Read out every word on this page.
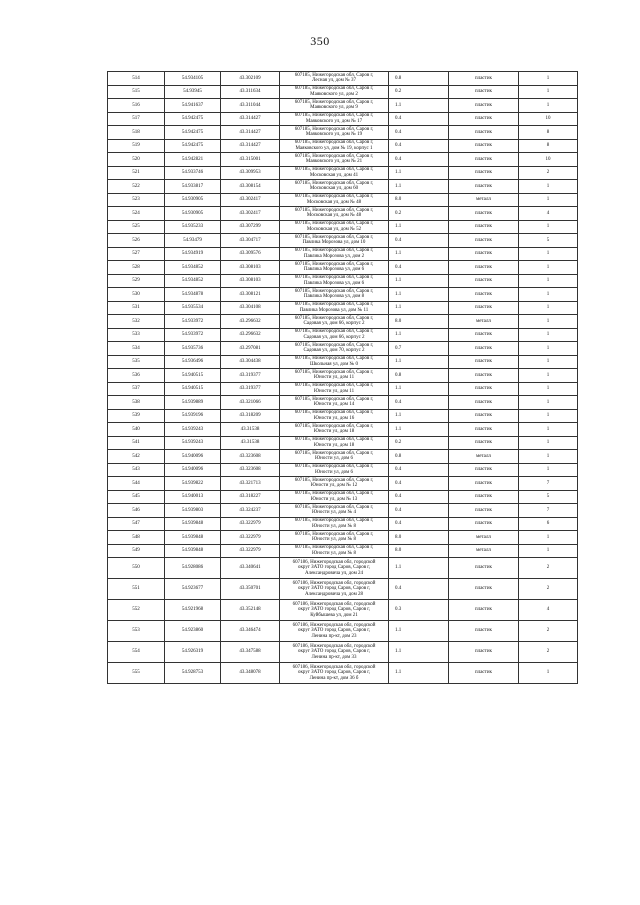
350
514	54.934105	43.302109	607185, Нижегородская обл, Саров г,
Лесная ул, дом № 37	0.8	пластик	1
515	54.93945	43.311634	607185, Нижегородская обл, Саров г,
Маяковского ул, дом 2	0.2	пластик	1
516	54.941637	43.311044	607185, Нижегородская обл, Саров г,
Маяковского ул, дом 9	1.1	пластик	1
517	54.942475	43.314427	607185, Нижегородская обл, Саров г,
Маяковского ул, дом № 17	0.4	пластик	10
518	54.942475	43.314427	607185, Нижегородская обл, Саров г,
Маяковского ул, дом № 19	0.4	пластик	8
519	54.942475	43.314427	607185, Нижегородская обл, Саров г,
Маяковского ул, дом № 19, корпус 1	0.4	пластик	8
520	54.942821	43.315001	607185, Нижегородская обл, Саров г,
Маяковского ул, дом № 21	0.4	пластик	10
521	54.933746	43.309953	607185, Нижегородская обл, Саров г,
Московская ул, дом 41	1.1	пластик	2
522	54.933817	43.308154	607185, Нижегородская обл, Саров г,
Московская ул, дом 60	1.1	пластик	1
523	54.930905	43.302417	607185, Нижегородская обл, Саров г,
Московская ул, дом № 48	8.0	металл	1
524	54.930905	43.302417	607185, Нижегородская обл, Саров г,
Московская ул, дом № 48	0.2	пластик	4
525	54.935233	43.307299	607185, Нижегородская обл, Саров г,
Московская ул, дом № 52	1.1	пластик	1
526	54.93479	43.304717	607185, Нижегородская обл, Саров г,
Павлика Морозова ул, дом 10	0.4	пластик	5
527	54.934919	43.309576	607185, Нижегородская обл, Саров г,
Павлика Морозова ул, дом 2	1.1	пластик	1
528	54.934852	43.308103	607185, Нижегородская обл, Саров г,
Павлика Морозова ул, дом 6	0.4	пластик	1
529	54.934852	43.308103	607185, Нижегородская обл, Саров г,
Павлика Морозова ул, дом 6	1.1	пластик	1
530	54.934878	43.308121	607185, Нижегородская обл, Саров г,
Павлика Морозова ул, дом 8	1.1	пластик	1
531	54.935534	43.304108	607185, Нижегородская обл, Саров г,
Павлика Морозова ул, дом № 11	1.1	пластик	1
532	54.933972	43.296632	607185, Нижегородская обл, Саров г,
Садовая ул, дом 66, корпус 2	8.0	металл	1
533	54.933972	43.296632	607185, Нижегородская обл, Саров г,
Садовая ул, дом 66, корпус 2	1.1	пластик	1
534	54.935736	43.297081	607185, Нижегородская обл, Саров г,
Садовая ул, дом 70, корпус 2	0.7	пластик	1
535	54.936496	43.304438	607185, Нижегородская обл, Саров г,
Школьная ул, дом № 0	1.1	пластик	1
536	54.940515	43.319377	607185, Нижегородская обл, Саров г,
Юности ул, дом 11	0.8	пластик	1
537	54.940515	43.319377	607185, Нижегородская обл, Саров г,
Юности ул, дом 11	1.1	пластик	1
538	54.939889	43.321066	607185, Нижегородская обл, Саров г,
Юности ул, дом 14	0.4	пластик	1
539	54.939196	43.318209	607185, Нижегородская обл, Саров г,
Юности ул, дом 16	1.1	пластик	1
540	54.939243	43.31538	607185, Нижегородская обл, Саров г,
Юности ул, дом 18	1.1	пластик	1
541	54.939243	43.31538	607185, Нижегородская обл, Саров г,
Юности ул, дом 18	0.2	пластик	1
542	54.940096	43.323608	607185, Нижегородская обл, Саров г,
Юности ул, дом 6	0.8	металл	1
543	54.940096	43.323608	607185, Нижегородская обл, Саров г,
Юности ул, дом 6	0.4	пластик	1
544	54.939822	43.321713	607185, Нижегородская обл, Саров г,
Юности ул, дом № 12	0.4	пластик	7
545	54.940013	43.318227	607185, Нижегородская обл, Саров г,
Юности ул, дом № 13	0.4	пластик	5
546	54.939803	43.324237	607185, Нижегородская обл, Саров г,
Юности ул, дом № 4	0.4	пластик	7
547	54.939848	43.322979	607185, Нижегородская обл, Саров г,
Юности ул, дом № 8	0.4	пластик	6
548	54.939848	43.322979	607185, Нижегородская обл, Саров г,
Юности ул, дом № 8	8.0	металл	1
549	54.939848	43.322979	607185, Нижегородская обл, Саров г,
Юности ул, дом № 8	8.0	металл	1
550	54.928086	43.340641	607186, Нижегородская обл, городской
округ ЗАТО город Саров, Саров г,
Александровича ул, дом 24	1.1	пластик	2
551	54.923677	43.350701	607186, Нижегородская обл, городской
округ ЗАТО город Саров, Саров г,
Александровича ул, дом 28	0.4	пластик	2
552	54.921968	43.352148	607186, Нижегородская обл, городской
округ ЗАТО город Саров, Саров г,
Куйбышева ул, дом 21	0.3	пластик	4
553	54.923860	43.346474	607186, Нижегородская обл, городской
округ ЗАТО город Саров, Саров г,
Ленина пр-кт, дом 23	1.1	пластик	2
554	54.926319	43.347588	607186, Нижегородская обл, городской
округ ЗАТО город Саров, Саров г,
Ленина пр-кт, дом 33	1.1	пластик	2
555	54.928753	43.348078	607186, Нижегородская обл, городской
округ ЗАТО город Саров, Саров г,
Ленина пр-кт, дом 36 б	1.1	пластик	1
